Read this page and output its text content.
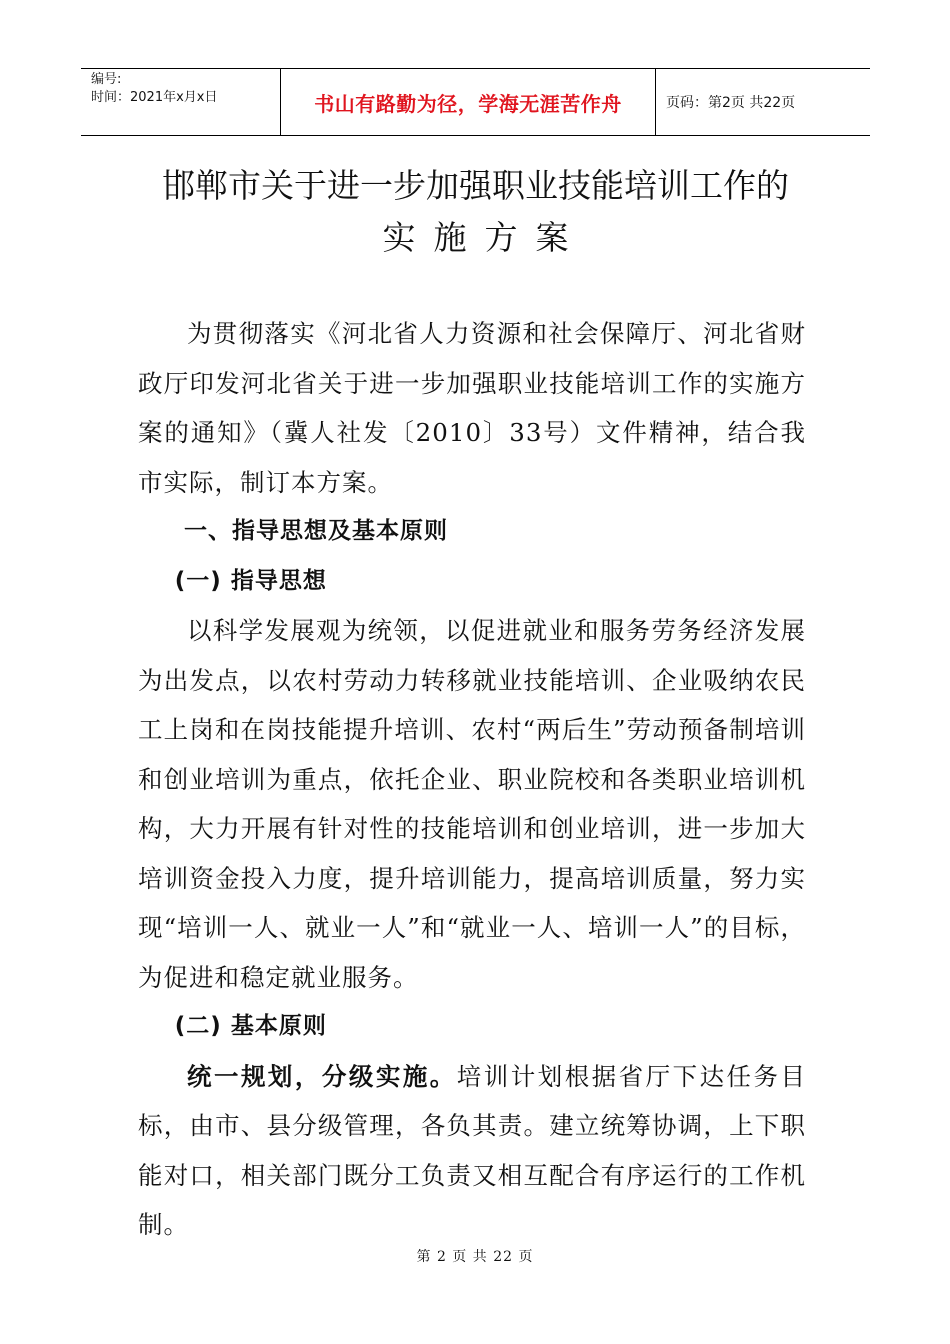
编号:
时间：2021年x月x日	书山有路勤为径，学海无涯苦作舟	页码：第2页 共22页
邯郸市关于进一步加强职业技能培训工作的
实施方案

为贯彻落实《河北省人力资源和社会保障厅、河北省财政厅印发河北省关于进一步加强职业技能培训工作的实施方案的通知》（冀人社发〔2010〕33号）文件精神，结合我市实际，制订本方案。

一、指导思想及基本原则

(一) 指导思想

以科学发展观为统领，以促进就业和服务劳务经济发展为出发点，以农村劳动力转移就业技能培训、企业吸纳农民工上岗和在岗技能提升培训、农村“两后生”劳动预备制培训和创业培训为重点，依托企业、职业院校和各类职业培训机构，大力开展有针对性的技能培训和创业培训，进一步加大培训资金投入力度，提升培训能力，提高培训质量，努力实现“培训一人、就业一人”和“就业一人、培训一人”的目标，为促进和稳定就业服务。

(二) 基本原则

统一规划，分级实施。培训计划根据省厅下达任务目标，由市、县分级管理，各负其责。建立统筹协调，上下职能对口，相关部门既分工负责又相互配合有序运行的工作机制。

第 2 页 共 22 页
